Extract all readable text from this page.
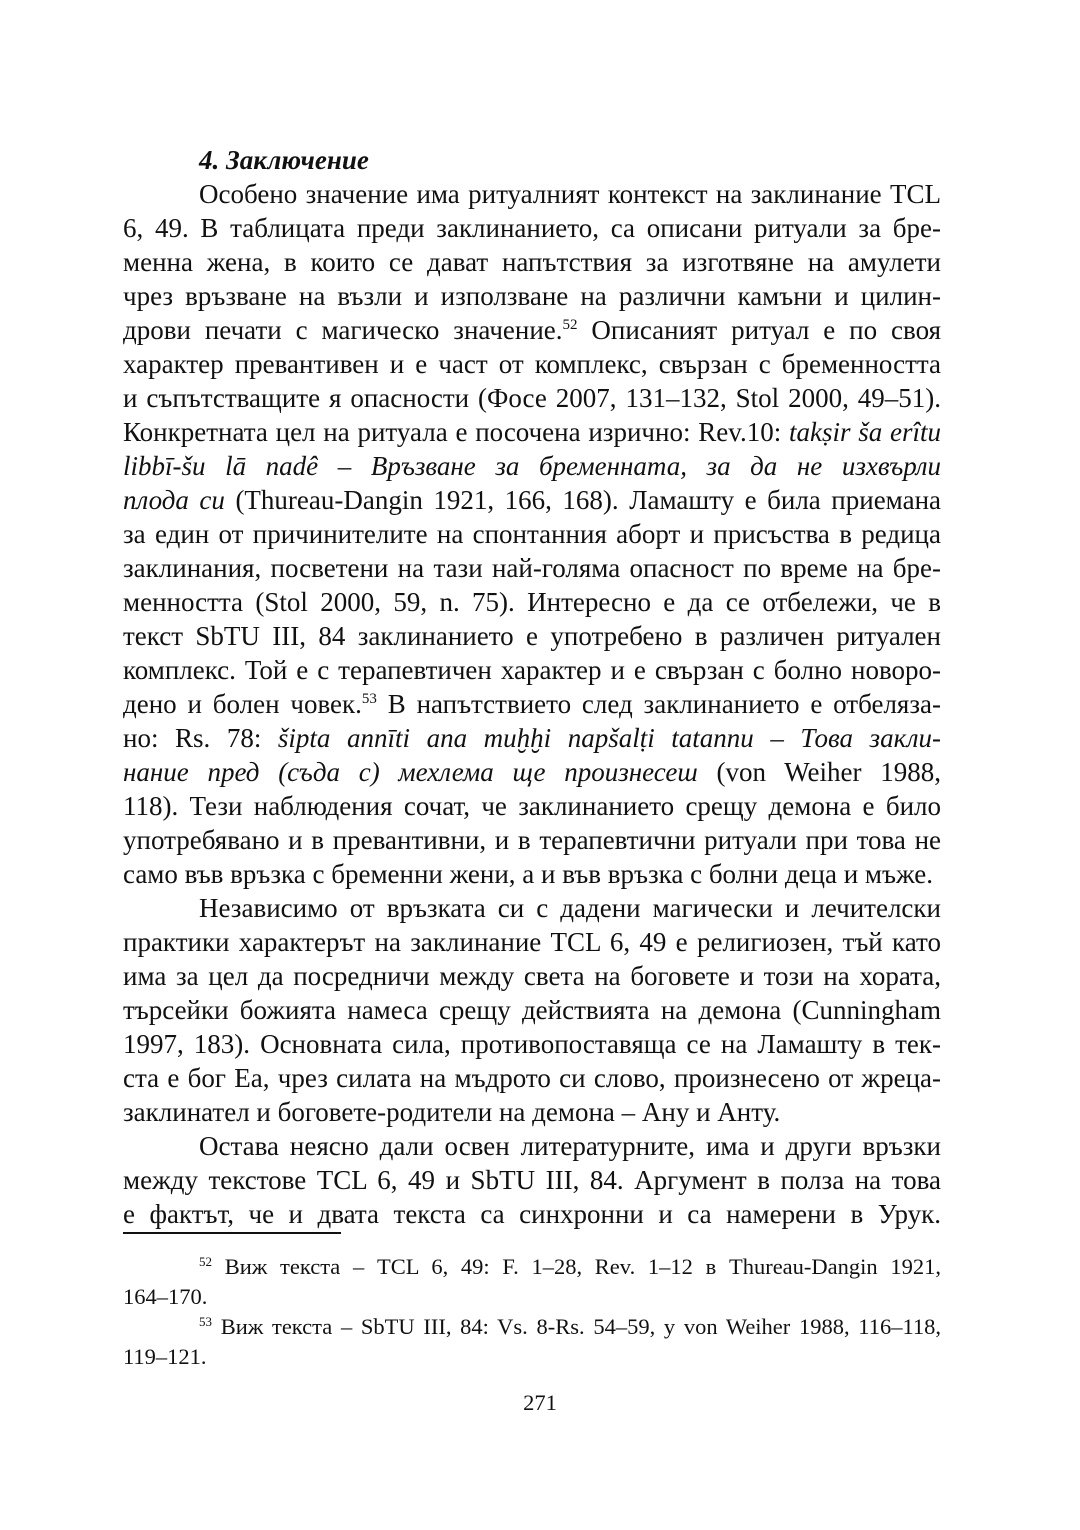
4. Заключение
Особено значение има ритуалният контекст на заклинание TCL
6, 49. В таблицата преди заклинанието, са описани ритуали за бре-
менна жена, в които се дават напътствия за изготвяне на амулети
чрез връзване на възли и използване на различни камъни и цилин-
дрови печати с магическо значение.$^{52}$ Описаният ритуал е по своя
характер превантивен и е част от комплекс, свързан с бременността
и съпътстващите я опасности (Фосе 2007, 131–132, Stol 2000, 49–51).
Конкретната цел на ритуала е посочена изрично: Rev.10: takṣir ša erîtu
libbī-šu lā nadê – Връзване за бременната, за да не изхвърли
плода си (Thureau-Dangin 1921, 166, 168). Ламашту е била приемана
за един от причинителите на спонтанния аборт и присъства в редица
заклинания, посветени на тази най-голяма опасност по време на бре-
менността (Stol 2000, 59, n. 75). Интересно е да се отбележи, че в
текст SbTU III, 84 заклинанието е употребено в различен ритуален
комплекс. Той е с терапевтичен характер и е свързан с болно новоро-
дено и болен човек.$^{53}$ В напътствието след заклинанието е отбелязa-
но: Rs. 78: šipta annīti ana muḫḫi napšalṭi tatannu – Това закли-
нание пред (съда с) мехлема ще произнесеш (von Weiher 1988,
118). Тези наблюдения сочат, че заклинанието срещу демона е било
употребявано и в превантивни, и в терапевтични ритуали при това не
само във връзка с бременни жени, а и във връзка с болни деца и мъже.
Независимо от връзката си с дадени магически и лечителски
практики характерът на заклинание TCL 6, 49 е религиозен, тъй като
има за цел да посредничи между света на боговете и този на хората,
търсейки божията намеса срещу действията на демона (Cunningham
1997, 183). Основната сила, противопоставяща се на Ламашту в тек-
ста е бог Еа, чрез силата на мъдрото си слово, произнесено от жреца-
заклинател и боговете-родители на демона – Ану и Анту.
Остава неясно дали освен литературните, има и други връзки
между текстове TCL 6, 49 и SbTU III, 84. Аргумент в полза на това
е фактът, че и двата текста са синхронни и са намерени в Урук.
$^{52}$ Виж текста – TCL 6, 49: F. 1–28, Rev. 1–12 в Thureau-Dangin 1921,
164–170.
$^{53}$ Виж текста – SbTU III, 84: Vs. 8-Rs. 54–59, у von Weiher 1988, 116–118,
119–121.
271
